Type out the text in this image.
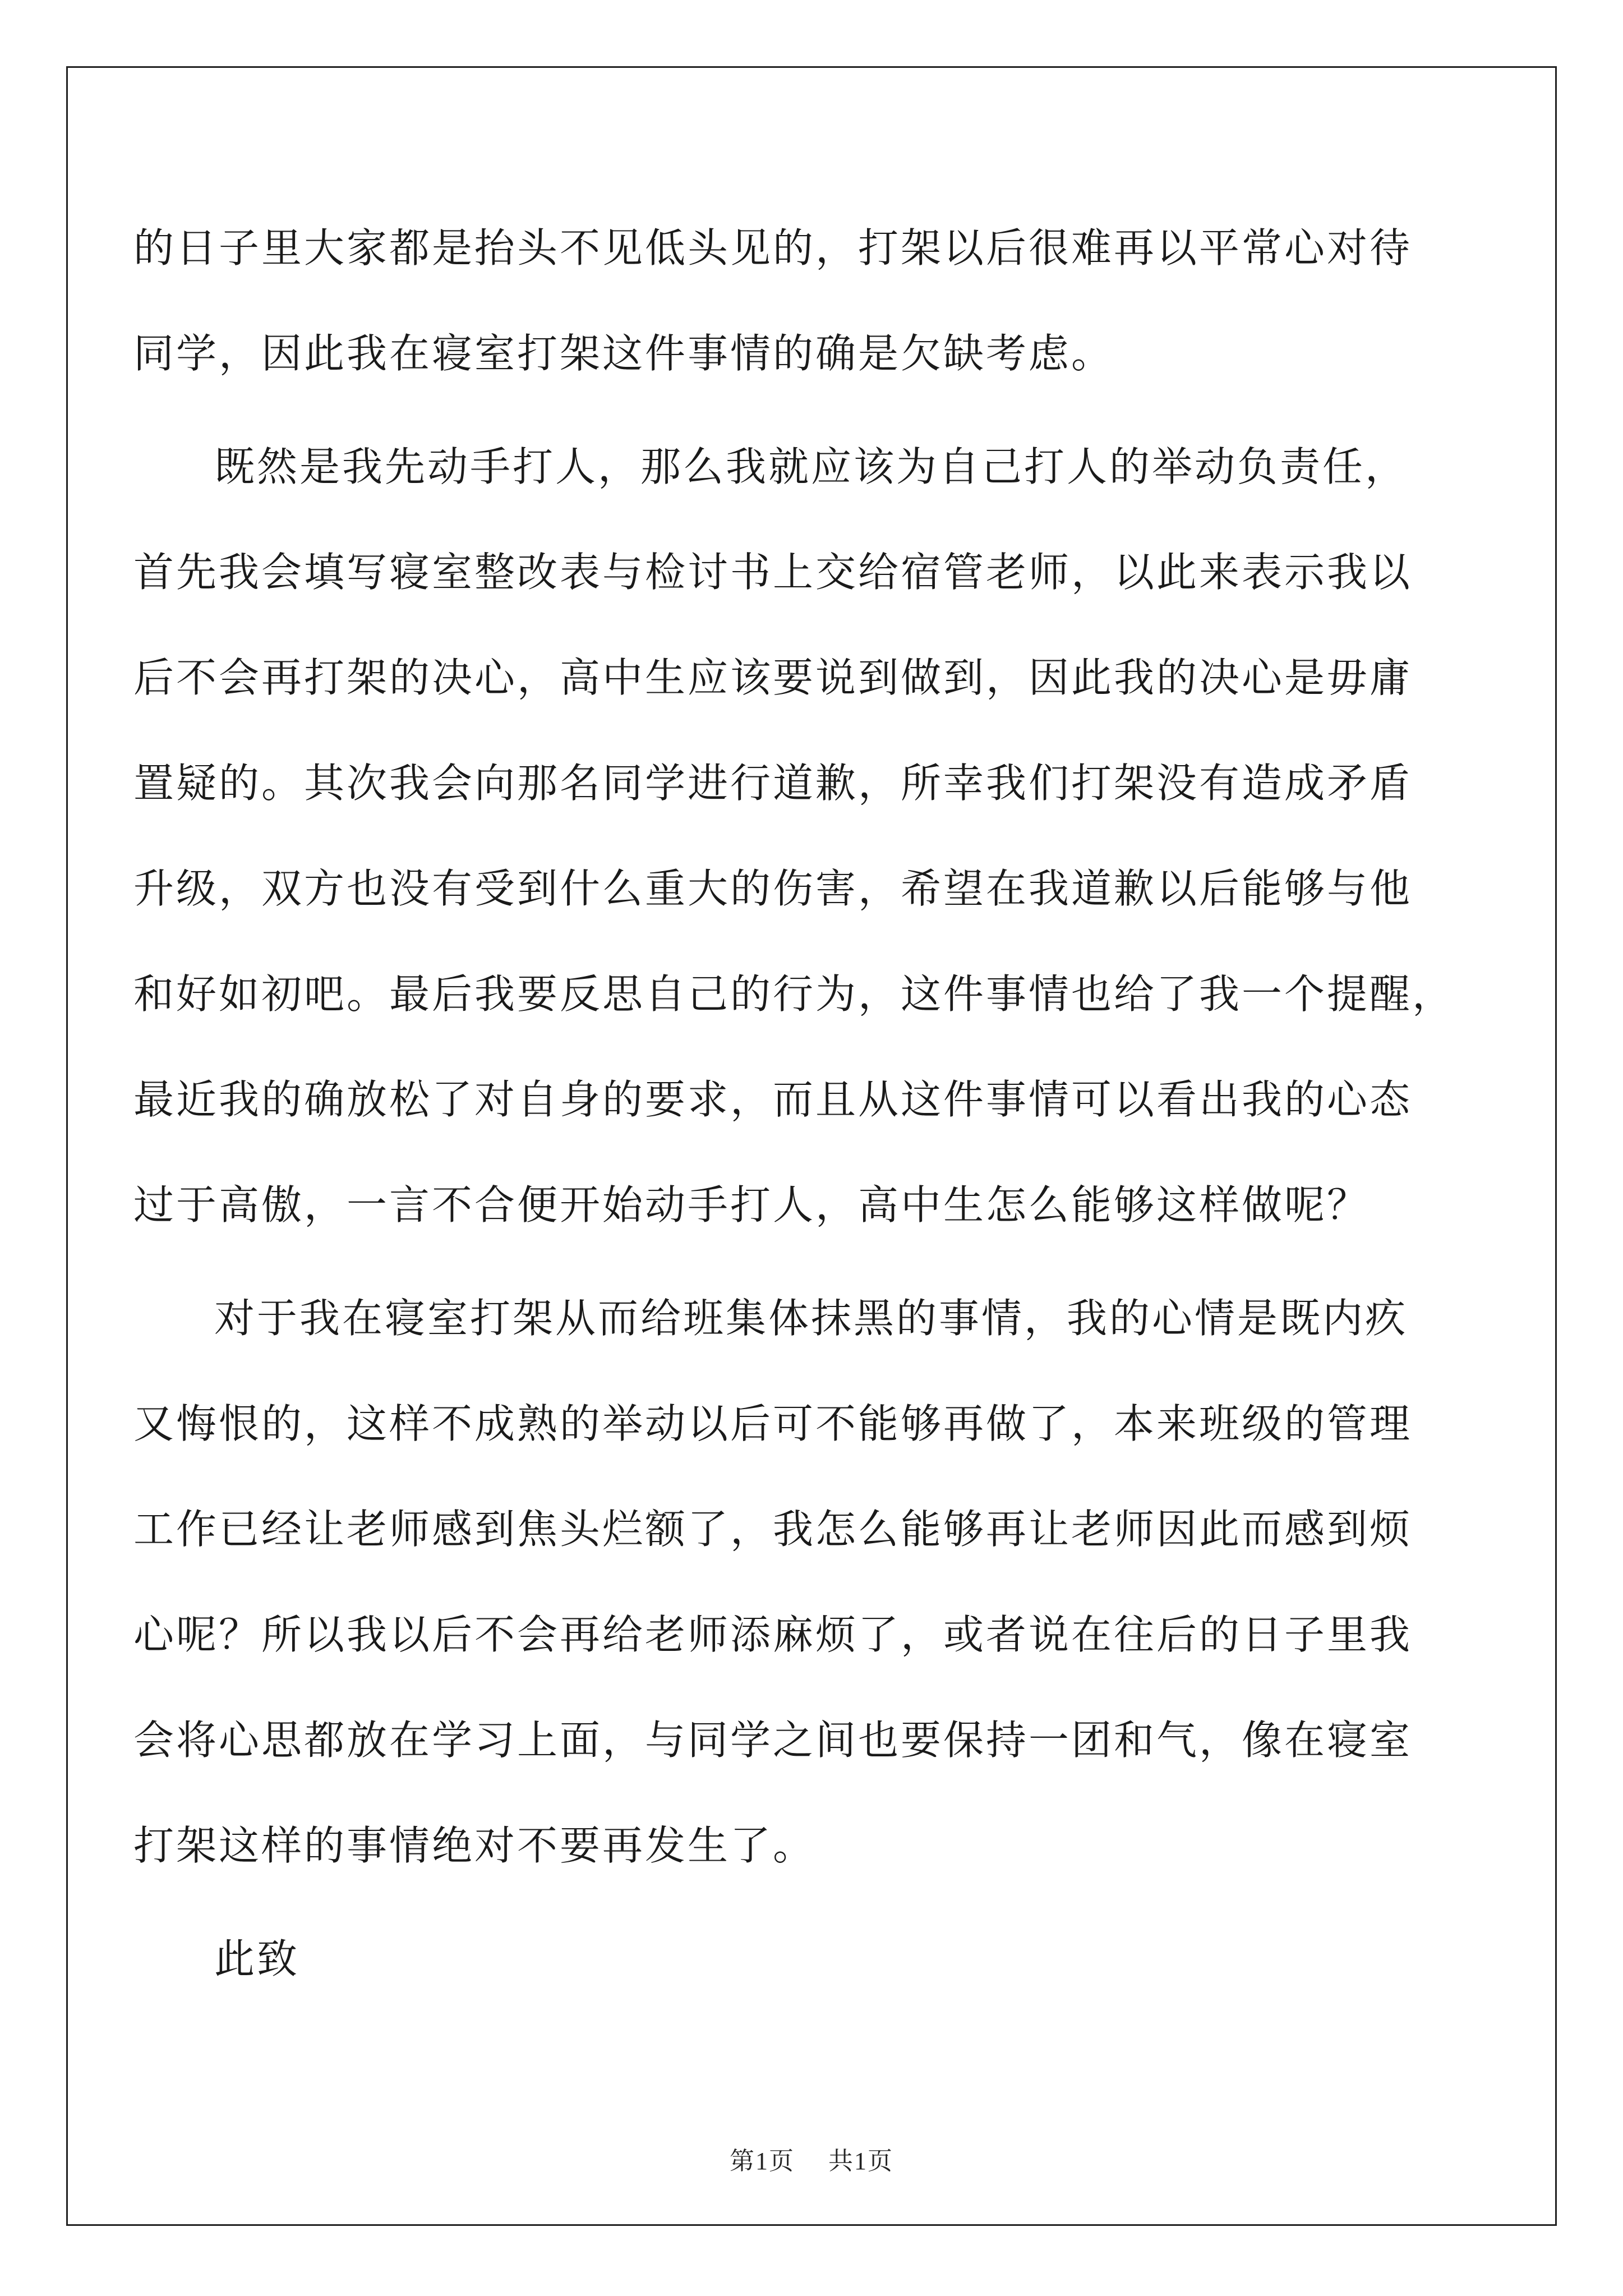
的日子里大家都是抬头不见低头见的，打架以后很难再以平常心对待
同学，因此我在寝室打架这件事情的确是欠缺考虑。
既然是我先动手打人，那么我就应该为自己打人的举动负责任，
首先我会填写寝室整改表与检讨书上交给宿管老师，以此来表示我以
后不会再打架的决心，高中生应该要说到做到，因此我的决心是毋庸
置疑的。其次我会向那名同学进行道歉，所幸我们打架没有造成矛盾
升级，双方也没有受到什么重大的伤害，希望在我道歉以后能够与他
和好如初吧。最后我要反思自己的行为，这件事情也给了我一个提醒，
最近我的确放松了对自身的要求，而且从这件事情可以看出我的心态
过于高傲，一言不合便开始动手打人，高中生怎么能够这样做呢？
对于我在寝室打架从而给班集体抹黑的事情，我的心情是既内疚
又悔恨的，这样不成熟的举动以后可不能够再做了，本来班级的管理
工作已经让老师感到焦头烂额了，我怎么能够再让老师因此而感到烦
心呢？所以我以后不会再给老师添麻烦了，或者说在往后的日子里我
会将心思都放在学习上面，与同学之间也要保持一团和气，像在寝室
打架这样的事情绝对不要再发生了。
此致
第1页 共1页
